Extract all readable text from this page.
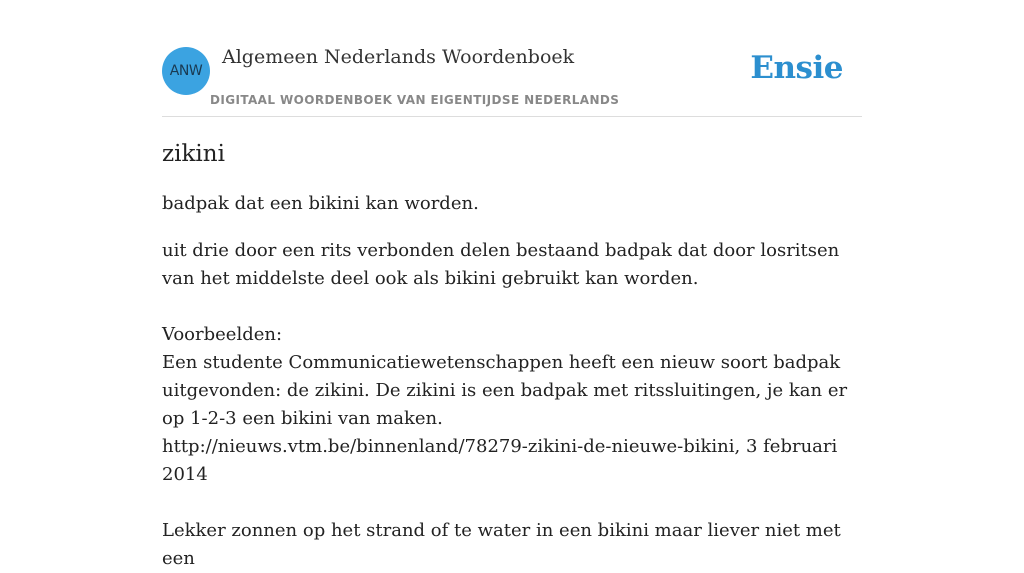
ANW
Algemeen Nederlands Woordenboek
DIGITAAL WOORDENBOEK VAN EIGENTIJDSE NEDERLANDS
Ensie
zikini

badpak dat een bikini kan worden.

uit drie door een rits verbonden delen bestaand badpak dat door losritsen van het middelste deel ook als bikini gebruikt kan worden.

Voorbeelden:

Een studente Communicatiewetenschappen heeft een nieuw soort badpak uitgevonden: de zikini. De zikini is een badpak met ritssluitingen, je kan er op 1-2-3 een bikini van maken.

http://nieuws.vtm.be/binnenland/78279-zikini-de-nieuwe-bikini, 3 februari 2014

Lekker zonnen op het strand of te water in een bikini maar liever niet met een
